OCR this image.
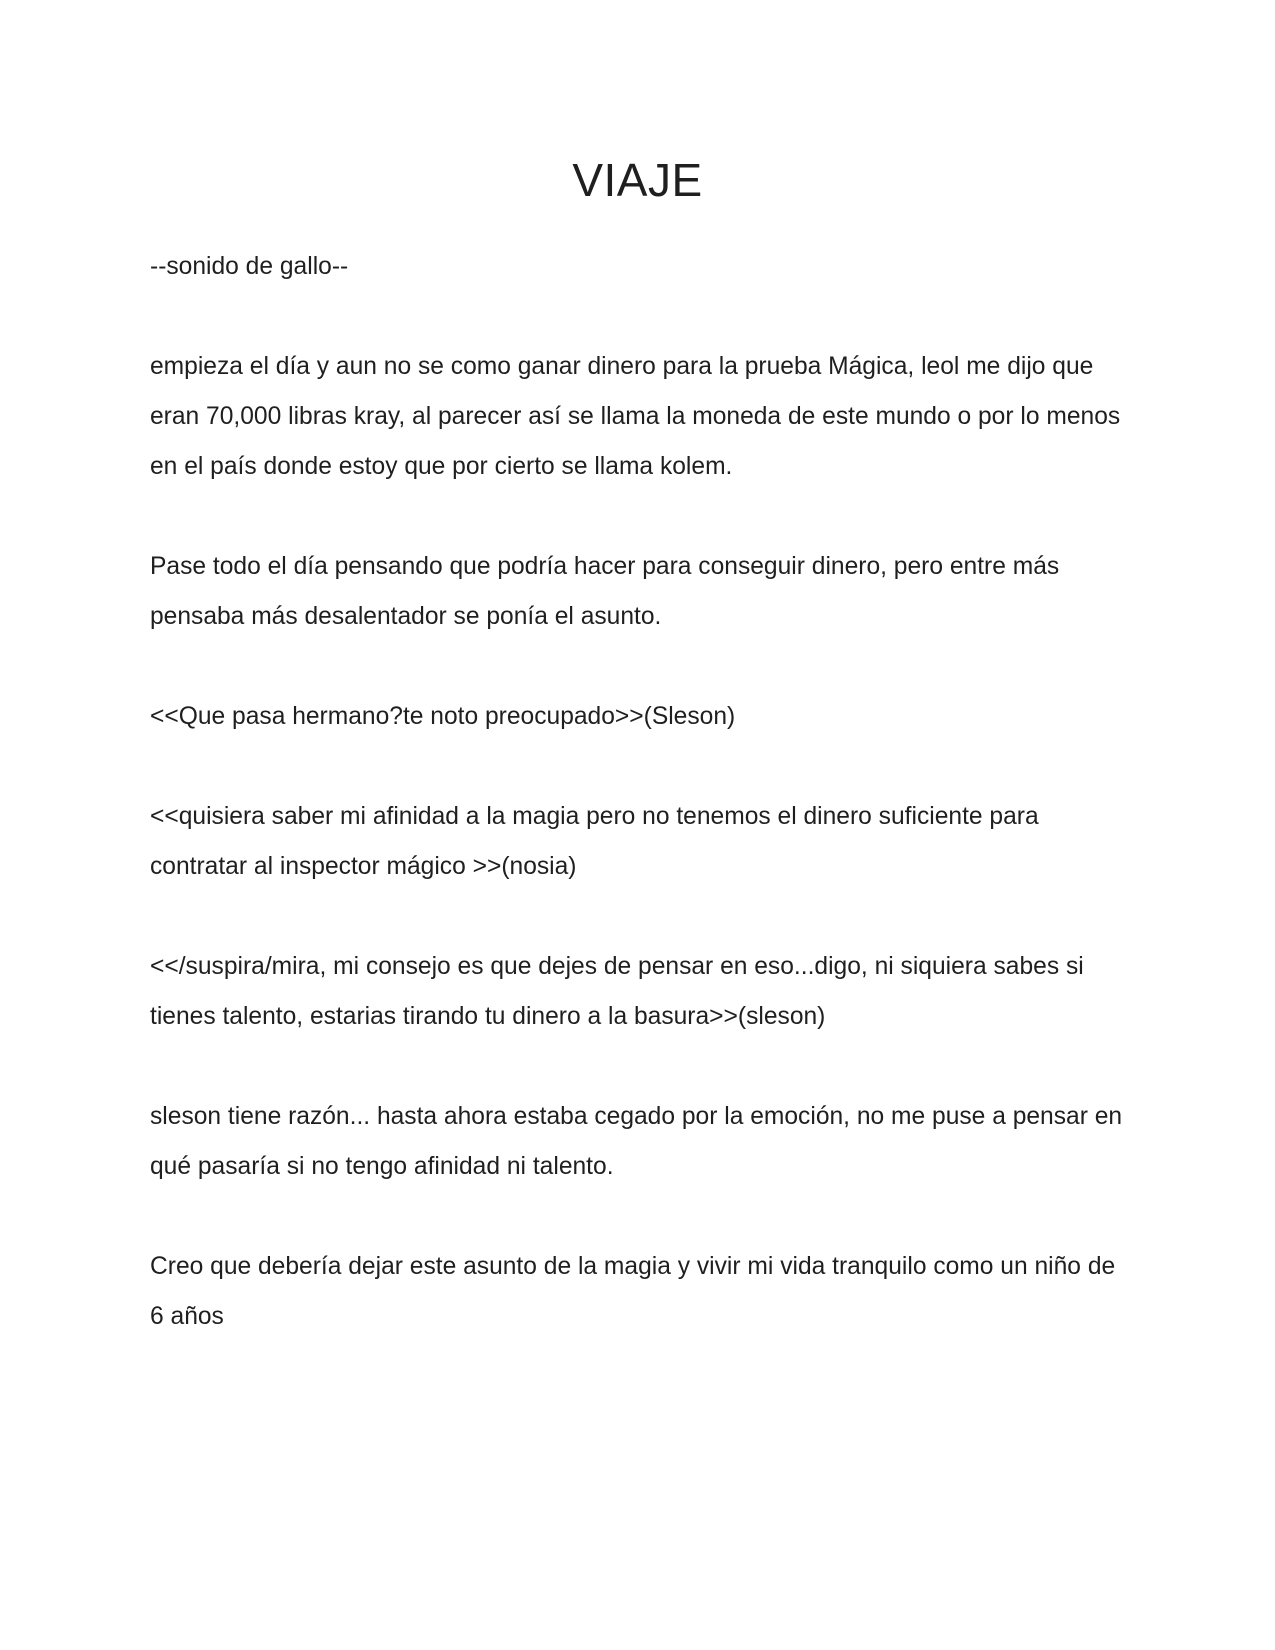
VIAJE

--sonido de gallo--

empieza el día y aun no se como ganar dinero para la prueba Mágica, leol me dijo que eran 70,000 libras kray, al parecer así se llama la moneda de este mundo o por lo menos en el país donde estoy que por cierto se llama kolem.

Pase todo el día pensando que podría hacer para conseguir dinero, pero entre más pensaba más desalentador se ponía el asunto.

<<Que pasa hermano?te noto preocupado>>(Sleson)

<<quisiera saber mi afinidad a la magia pero no tenemos el dinero suficiente para contratar al inspector mágico >>(nosia)

<</suspira/mira, mi consejo es que dejes de pensar en eso...digo, ni siquiera sabes si tienes talento, estarias tirando tu dinero a la basura>>(sleson)

sleson tiene razón... hasta ahora estaba cegado por la emoción, no me puse a pensar en qué pasaría si no tengo afinidad ni talento.

Creo que debería dejar este asunto de la magia y vivir mi vida tranquilo como un niño de 6 años
